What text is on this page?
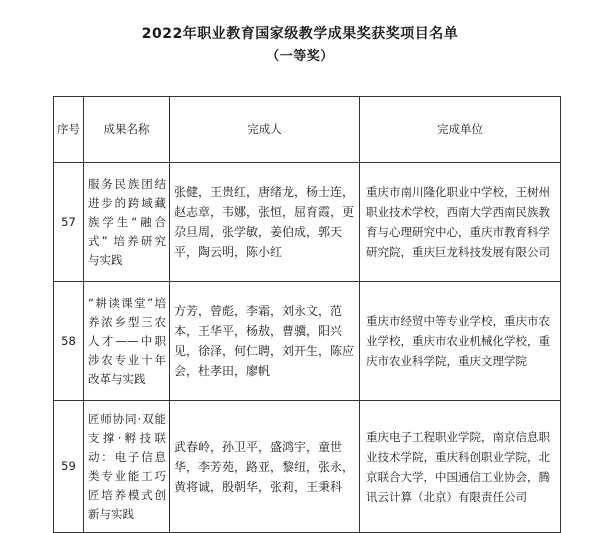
2022年职业教育国家级教学成果奖获奖项目名单
（一等奖）
序号	成果名称	完成人	完成单位
57	服务民族团结进步的跨域藏族学生“融合式” 培养研究与实践	张健，王贵红，唐绪龙，杨士连，赵志章，韦娜，张恒，屈育霞，更尕旦周，张学敏，姜伯成，郭天平，陶云明，陈小红	重庆市南川隆化职业中学校，王树州职业技术学校，西南大学西南民族教育与心理研究中心，重庆市教育科学研究院，重庆巨龙科技发展有限公司
58	“耕读课堂”培养浓乡型三农人才——中职涉农专业十年改革与实践	方芳，曾彪，李霜，刘永文，范本，王华平，杨敖，曹骥，阳兴见，徐泽，何仁聘，刘开生，陈应会，杜孝田，廖帆	重庆市经贸中等专业学校，重庆市农业学校，重庆市农业机械化学校，重庆市农业科学院，重庆文理学院
59	匠师协同·双能支撑·孵技联动：电子信息类专业能工巧匠培养模式创新与实践	武春岭，孙卫平，盛鸿宇，童世华，李芳苑，路亚，黎纽，张永，黄将诚，殷朝华，张莉，王秉科	重庆电子工程职业学院，南京信息职业技术学院，重庆科创职业学院，北京联合大学，中国通信工业协会，腾讯云计算（北京）有限责任公司
